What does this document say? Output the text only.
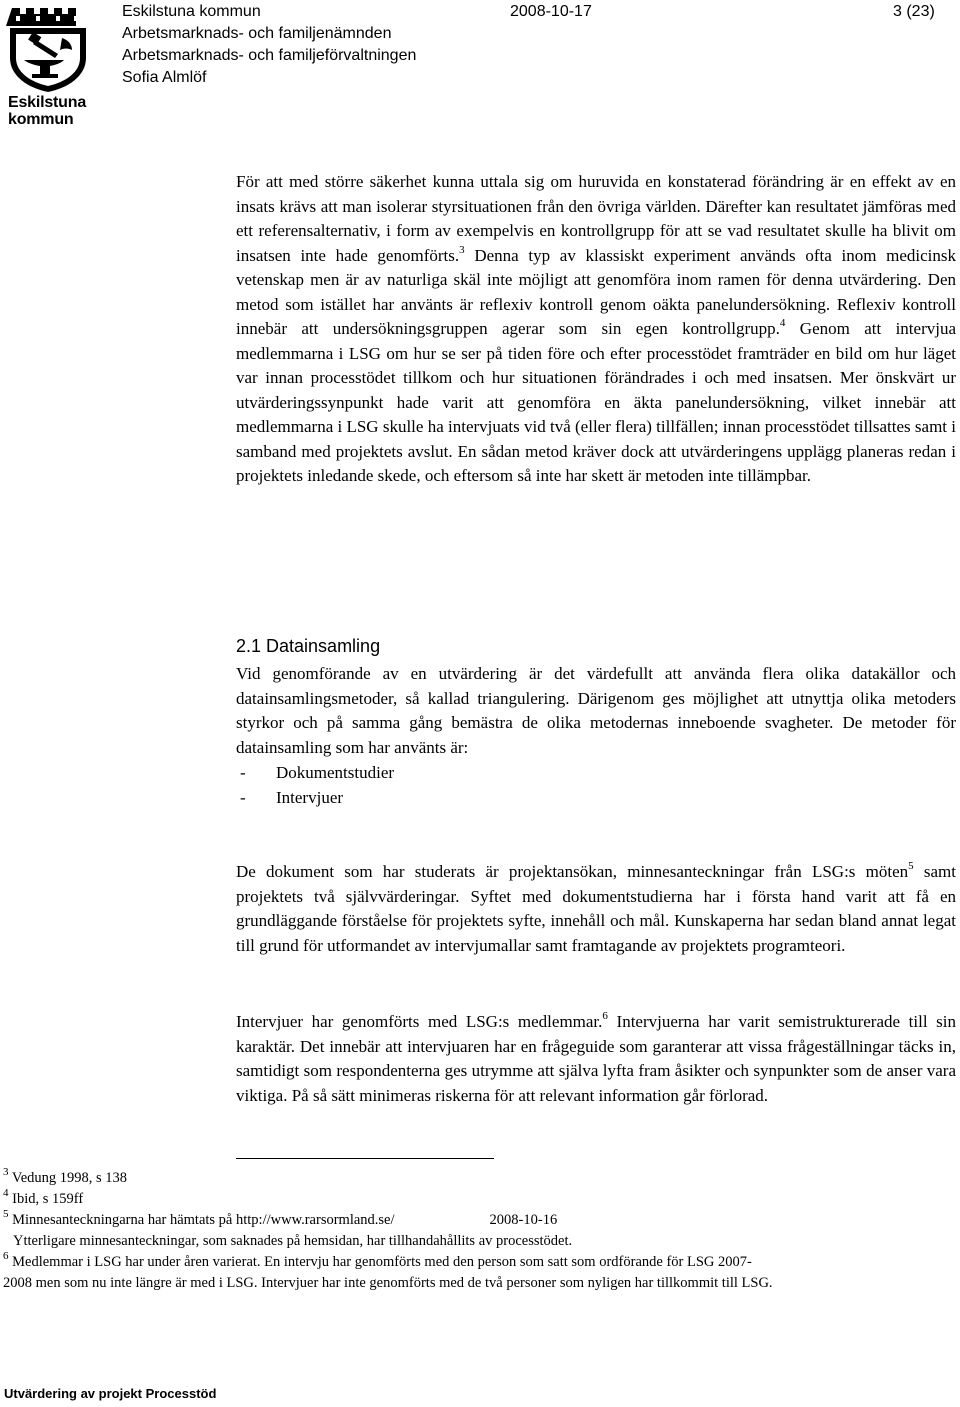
Eskilstuna
kommun
Eskilstuna kommun	2008-10-17	3 (23)
Arbetsmarknads- och familjenämnden
Arbetsmarknads- och familjeförvaltningen
Sofia Almlöf

För att med större säkerhet kunna uttala sig om huruvida en konstaterad förändring är en effekt av en insats krävs att man isolerar styrsituationen från den övriga världen. Därefter kan resultatet jämföras med ett referensalternativ, i form av exempelvis en kontrollgrupp för att se vad resultatet skulle ha blivit om insatsen inte hade genomförts.$^3$ Denna typ av klassiskt experiment används ofta inom medicinsk vetenskap men är av naturliga skäl inte möjligt att genomföra inom ramen för denna utvärdering. Den metod som istället har använts är reflexiv kontroll genom oäkta panelundersökning. Reflexiv kontroll innebär att undersökningsgruppen agerar som sin egen kontrollgrupp.$^4$ Genom att intervjua medlemmarna i LSG om hur se ser på tiden före och efter processtödet framträder en bild om hur läget var innan processtödet tillkom och hur situationen förändrades i och med insatsen. Mer önskvärt ur utvärderingssynpunkt hade varit att genomföra en äkta panelundersökning, vilket innebär att medlemmarna i LSG skulle ha intervjuats vid två (eller flera) tillfällen; innan processtödet tillsattes samt i samband med projektets avslut. En sådan metod kräver dock att utvärderingens upplägg planeras redan i projektets inledande skede, och eftersom så inte har skett är metoden inte tillämpbar.

2.1 Datainsamling

Vid genomförande av en utvärdering är det värdefullt att använda flera olika datakällor och datainsamlingsmetoder, så kallad triangulering. Därigenom ges möjlighet att utnyttja olika metoders styrkor och på samma gång bemästra de olika metodernas inneboende svagheter. De metoder för datainsamling som har använts är:

- Dokumentstudier
- Intervjuer

De dokument som har studerats är projektansökan, minnesanteckningar från LSG:s möten$^5$ samt projektets två självvärderingar. Syftet med dokumentstudierna har i första hand varit att få en grundläggande förståelse för projektets syfte, innehåll och mål. Kunskaperna har sedan bland annat legat till grund för utformandet av intervjumallar samt framtagande av projektets programteori.

Intervjuer har genomförts med LSG:s medlemmar.$^6$ Intervjuerna har varit semistrukturerade till sin karaktär. Det innebär att intervjuaren har en frågeguide som garanterar att vissa frågeställningar täcks in, samtidigt som respondenterna ges utrymme att själva lyfta fram åsikter och synpunkter som de anser vara viktiga. På så sätt minimeras riskerna för att relevant information går förlorad.

$^3$ Vedung 1998, s 138
$^4$ Ibid, s 159ff
$^5$ Minnesanteckningarna har hämtats på http://www.rarsormland.se/	2008-10-16
Ytterligare minnesanteckningar, som saknades på hemsidan, har tillhandahållits av processtödet.
$^6$ Medlemmar i LSG har under åren varierat. En intervju har genomförts med den person som satt som ordförande för LSG 2007-
2008 men som nu inte längre är med i LSG. Intervjuer har inte genomförts med de två personer som nyligen har tillkommit till LSG.
Utvärdering av projekt Processtöd
